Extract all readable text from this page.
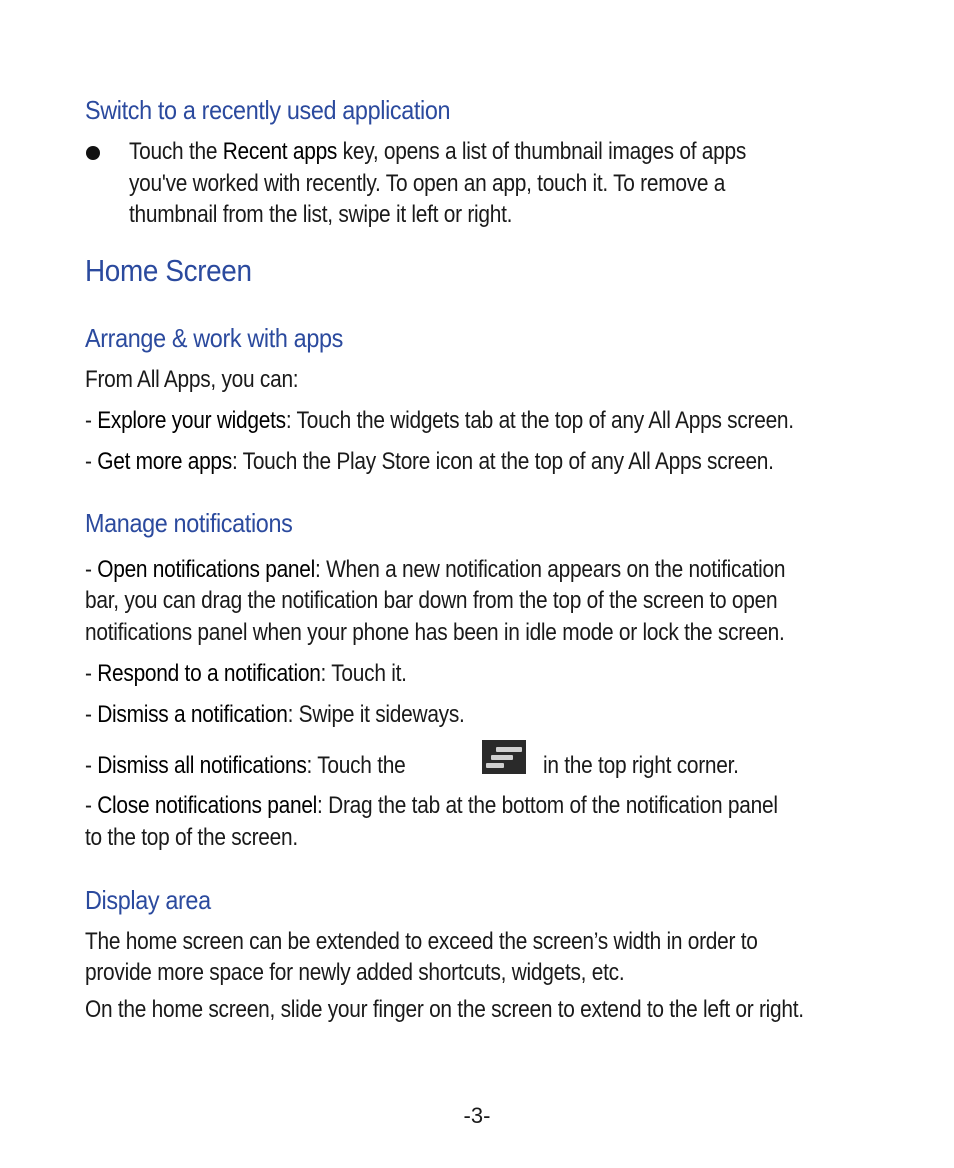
Switch to a recently used application

Touch the Recent apps key, opens a list of thumbnail images of apps

you've worked with recently. To open an app, touch it. To remove a

thumbnail from the list, swipe it left or right.

Home Screen
Arrange & work with apps

From All Apps, you can:

- Explore your widgets: Touch the widgets tab at the top of any All Apps screen.

- Get more apps: Touch the Play Store icon at the top of any All Apps screen.

Manage notifications

- Open notifications panel: When a new notification appears on the notification

bar, you can drag the notification bar down from the top of the screen to open

notifications panel when your phone has been in idle mode or lock the screen.

- Respond to a notification: Touch it.

- Dismiss a notification: Swipe it sideways.

- Dismiss all notifications: Touch the	in the top right corner.

- Close notifications panel: Drag the tab at the bottom of the notification panel

to the top of the screen.

Display area

The home screen can be extended to exceed the screen’s width in order to

provide more space for newly added shortcuts, widgets, etc.

On the home screen, slide your finger on the screen to extend to the left or right.

-3-
